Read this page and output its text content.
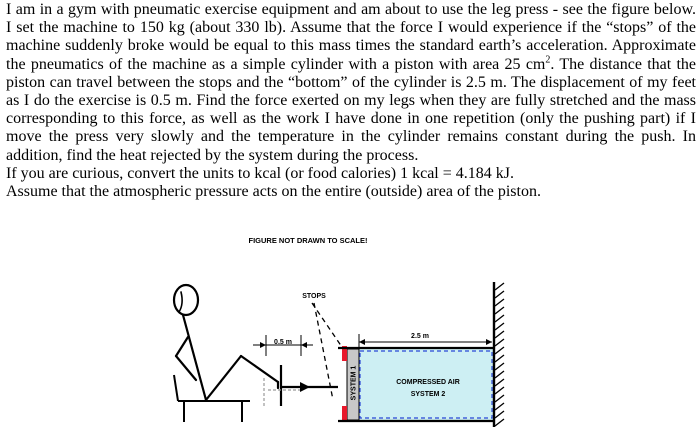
I am in a gym with pneumatic exercise equipment and am about to use the leg press - see the figure below. I set the machine to 150 kg (about 330 lb). Assume that the force I would experience if the “stops” of the machine suddenly broke would be equal to this mass times the standard earth’s acceleration. Approximate the pneumatics of the machine as a simple cylinder with a piston with area 25 $cm^2$. The distance that the piston can travel between the stops and the “bottom” of the cylinder is 2.5 m. The displacement of my feet as I do the exercise is 0.5 m. Find the force exerted on my legs when they are fully stretched and the mass corresponding to this force, as well as the work I have done in one repetition (only the pushing part) if I move the press very slowly and the temperature in the cylinder remains constant during the push. In addition, find the heat rejected by the system during the process.

If you are curious, convert the units to kcal (or food calories) 1 kcal = 4.184 kJ.

Assume that the atmospheric pressure acts on the entire (outside) area of the piston.

FIGURE NOT DRAWN TO SCALE!
STOPS
0.5 m
SYSTEM 1	COMPRESSED AIR
SYSTEM 2
2.5 m
